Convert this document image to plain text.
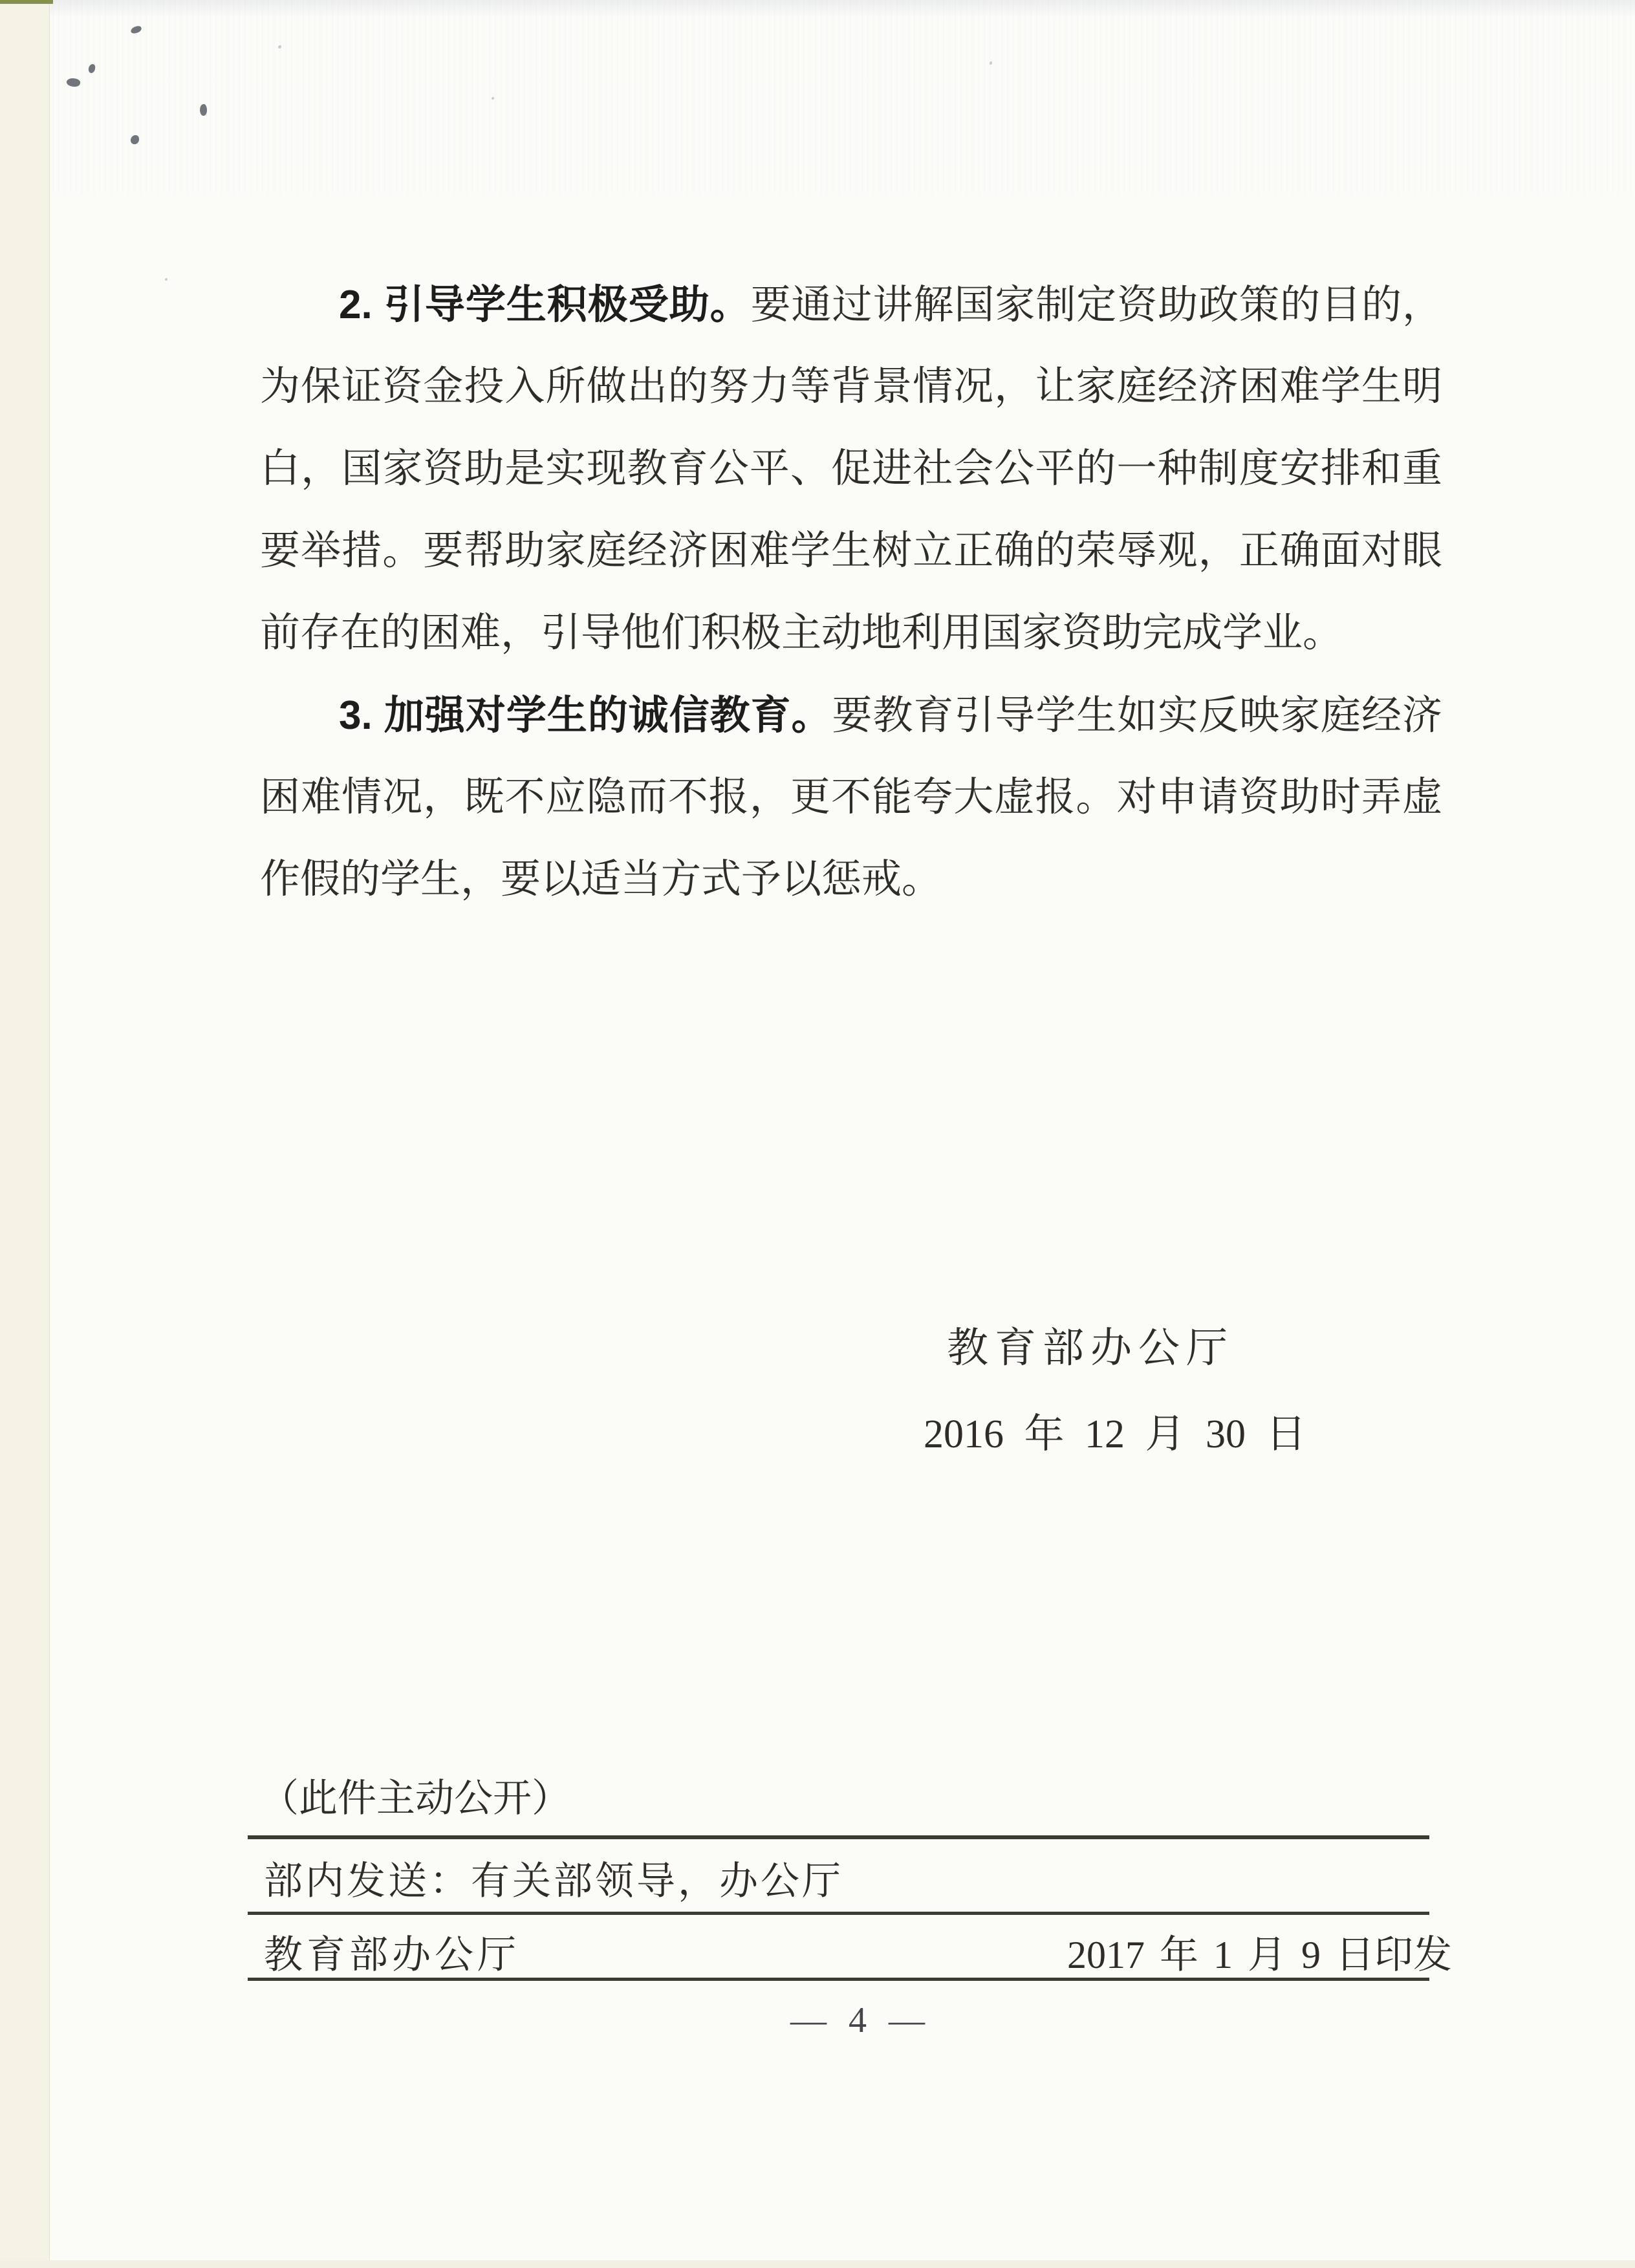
2. 引导学生积极受助。要通过讲解国家制定资助政策的目的，
为保证资金投入所做出的努力等背景情况，让家庭经济困难学生明
白，国家资助是实现教育公平、促进社会公平的一种制度安排和重
要举措。要帮助家庭经济困难学生树立正确的荣辱观，正确面对眼
前存在的困难，引导他们积极主动地利用国家资助完成学业。
3. 加强对学生的诚信教育。要教育引导学生如实反映家庭经济
困难情况，既不应隐而不报，更不能夸大虚报。对申请资助时弄虚
作假的学生，要以适当方式予以惩戒。
教育部办公厅
2016 年 12 月 30 日
（此件主动公开）
部内发送：有关部领导，办公厅
教育部办公厅	2017 年 1 月 9 日印发
— 4 —
